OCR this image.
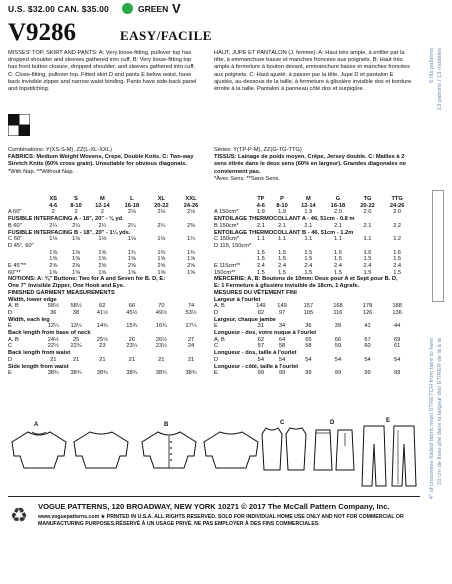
U.S. $32.00 CAN. $35.00	GREEN V
V9286	EASY/FACILE

MISSES' TOP, SKIRT AND PANTS: A: Very loose-fitting, pullover top has dropped shoulder and sleeves gathered into cuff. B: Very loose-fitting top has front button closure, dropped shoulder, and sleeves gathered into cuff. C: Close-fitting, pullover top. Fitted skirt D and pants E below waist, have back invisible zipper and narrow waist binding. Pants have side-back panel and topstitching.

HAUT, JUPE ET PANTALON (J. femme): A: Haut très ample, à enfiler par la tête, à emmanchure basse et manches froncées aux poignets. B: Haut très ample à fermeture à bouton devant, emmanchure basse et manches froncées aux poignets. C: Haut ajusté, à passer par la tête. Jupe D et pantalon E ajustés, au-dessous de la taille, à fermeture à glissière invisible dos et bordure étroite à la taille. Pantalon à panneau côté dos et surpiqûre.

Combinations: Y(XS-S-M), ZZ(L-XL-XXL)

FABRICS: Medium Weight Wovens, Crepe, Double Knits. C: Two-way Stretch Knits (60% cross grain). Unsuitable for obvious diagonals.

*With Nap. **Without Nap.

Séries: Y(TP-P-M), ZZ(G-TG-TTG)

TISSUS: Lainage de poids moyen, Crêpe, Jersey double. C: Mailles à 2 sens étirée dans le deux sens (60% en largeur). Grandes diagonales ne conviennent pas.

*Avec Sens. **Sans Sens.

	XS	S	M	L	XL	XXL
	4-6	8-10	12-14	16-18	20-22	24-26
A 60"	2	2	2	2⅛	2⅛	2⅛
FUSIBLE INTERFACING A - 18", 20" - ⅛ yd.						
B 60"	2¼	2¼	2¼	2¼	2¼	2⅜
FUSIBLE INTERFACING B - 18", 20" - 1¼ yds.						
C 60"	1⅛	1⅛	1⅛	1⅛	1⅛	1¼
D 45", 60"						
	1⅝	1⅝	1⅝	1¾	1¾	1¾
	1⅝	1⅝	1⅝	1⅝	1⅝	1⅝
E 45"**	2⅝	2⅝	2⅝	2⅝	2⅝	2⅝
60"**	1⅝	1⅝	1⅝	1⅝	1⅝	1⅝
NOTIONS: A: ⅜" Buttons: Two for A and Seven for B. D, E:						
One 7" Invisible Zipper, One Hook and Eye.						
FINISHED GARMENT MEASUREMENTS						
Width, lower edge						
A, B	58½	58½	62	66	70	74
D	36	38	41½	45½	49½	53½
Width, each leg						
E	12¼	13¼	14¾	15¾	16¾	17¼
Back length from base of neck						
A, B	24½	25	25½	26	26½	27
C	22½	22¾	23	23¼	23½	24
Back length from waist						
D	21	21	21	21	21	21
Side length from waist						
E	38¾	38¾	38¾	38¾	38¾	38¾
	TP	P	M	G	TG	TTG
	4-6	8-10	12-14	16-18	20-22	24-26
A 150cm*	1.9	1.9	1.9	2.0	2.0	2.0
ENTOILAGE THERMOCOLLANT A - 46, 51cm - 0.8 m						
B 150cm*	2.1	2.1	2.1	2.1	2.1	2.2
ENTOILAGE THERMOCOLLANT B - 46, 51cm - 1.2m						
C 150cm*	1.1	1.1	1.1	1.1	1.1	1.2
D 115, 150cm*						
	1.5	1.5	1.5	1.6	1.6	1.6
	1.5	1.5	1.5	1.5	1.5	1.5
E 115cm**	2.4	2.4	2.4	2.4	2.4	2.4
150cm**	1.5	1.5	1.5	1.5	1.5	1.5
MERCERIE: A, B: Boutons de 10mm: Deux pour A et Sept pour B. D,						
E: 1 Fermeture à glissière invisible de 18cm, 1 Agrafe.						
MESURES DU VÊTEMENT FINI						
Largeur à l'ourlet						
A, B	149	149	157	168	178	188
D	92	97	105	116	126	136
Largeur, chaque jambe						
E	31	34	36	39	41	44
Longueur - dos, votre nuque à l'ourlet						
A, B	62	64	65	66	67	69
C	57	58	58	59	60	61
Longueur - dos, taille à l'ourlet						
D	54	54	54	54	54	54
Longueur - côté, taille à l'ourlet						
E	99	99	99	99	99	99
A	B	C	D	E
♻ VOGUE PATTERNS, 120 BROADWAY, NEW YORK 10271 © 2017 The McCall Pattern Company, Inc.
www.voguepatterns.com ★ PRINTED IN U.S.A. ALL RIGHTS RESERVED. SOLD FOR INDIVIDUAL HOME USE ONLY AND NOT FOR COMMERCIAL OR MANUFACTURING PURPOSES.RÉSERVÉ À UN USAGE PRIVÉ. NE PAS EMPLOYER À DES FINS COMMERCIALES.
6 fits patterns 13 patrons / 13 modèles
4" of crosswise folded fabric must STRETCH from here to here 10 cm de tissu plié dans la largeur doit ÉTIRER de là à là
